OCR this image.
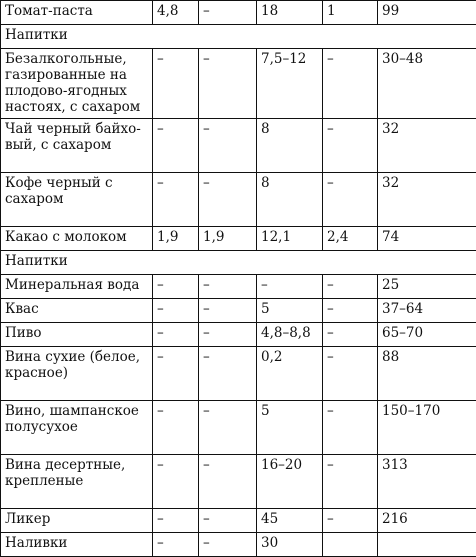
Томат-паста	4,8	–	18	1	99
Напитки					
Безалкогольные, газированные на плодово-ягодных настоях, с сахаром	–	–	7,5–12	–	30–48
Чай черный байхо-вый, с сахаром	–	–	8	–	32
Кофе черный с сахаром	–	–	8	–	32
Какао с молоком	1,9	1,9	12,1	2,4	74
Напитки					
Минеральная вода	–	–	–	–	25
Квас	–	–	5	–	37–64
Пиво	–	–	4,8–8,8	–	65–70
Вина сухие (белое, красное)	–	–	0,2	–	88
Вино, шампанское полусухое	–	–	5	–	150–170
Вина десертные, крепленые	–	–	16–20	–	313
Ликер	–	–	45	–	216
Наливки	–	–	30		
